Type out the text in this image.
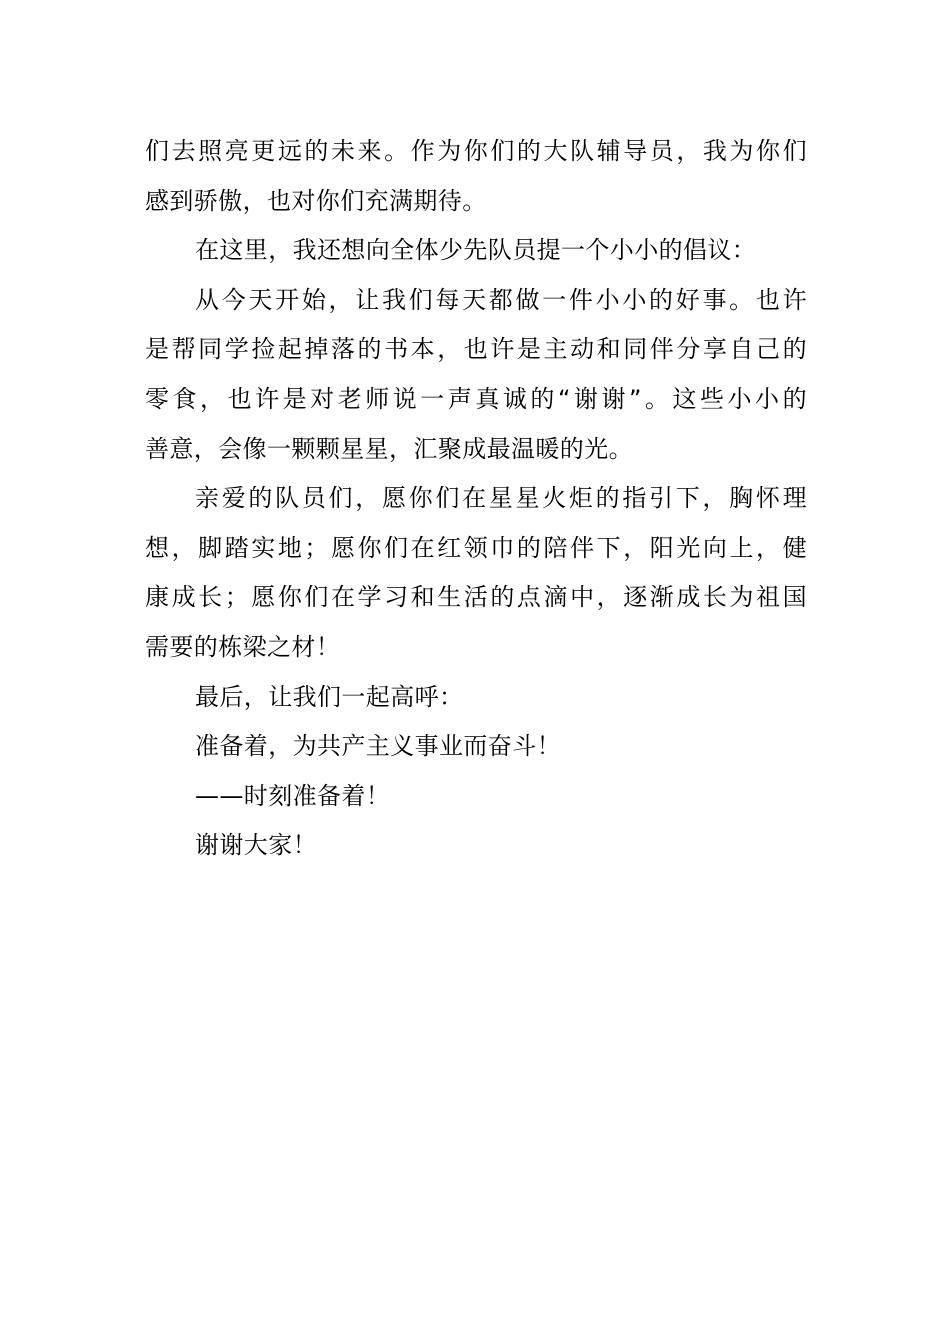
们去照亮更远的未来。作为你们的大队辅导员，我为你们
感到骄傲，也对你们充满期待。

在这里，我还想向全体少先队员提一个小小的倡议：

从今天开始，让我们每天都做一件小小的好事。也许
是帮同学捡起掉落的书本，也许是主动和同伴分享自己的
零食，也许是对老师说一声真诚的“谢谢”。这些小小的
善意，会像一颗颗星星，汇聚成最温暖的光。

亲爱的队员们，愿你们在星星火炬的指引下，胸怀理
想，脚踏实地；愿你们在红领巾的陪伴下，阳光向上，健
康成长；愿你们在学习和生活的点滴中，逐渐成长为祖国
需要的栋梁之材！

最后，让我们一起高呼：

准备着，为共产主义事业而奋斗！

——时刻准备着！

谢谢大家！
